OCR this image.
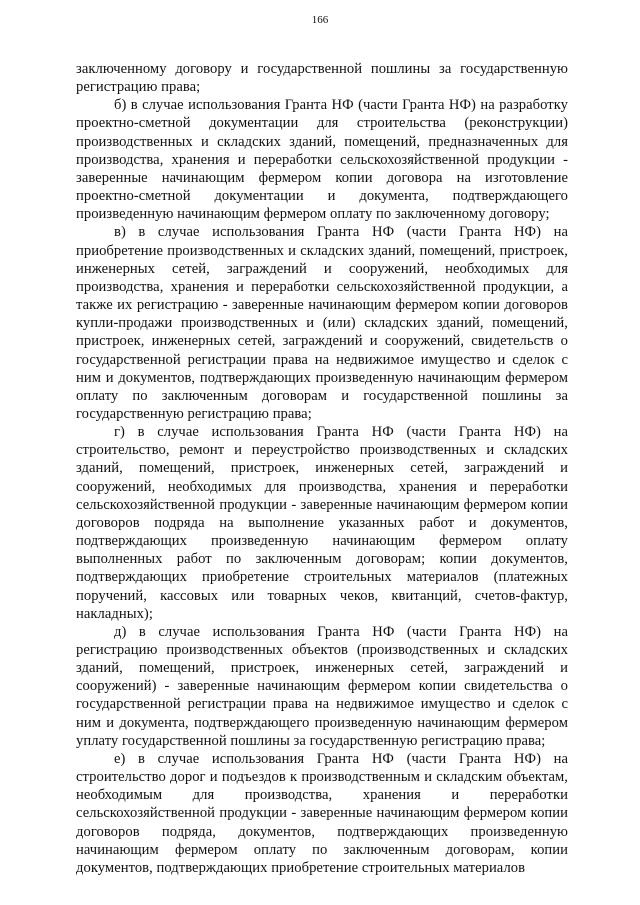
166

заключенному договору и государственной пошлины за государственную регистрацию права;

б) в случае использования Гранта НФ (части Гранта НФ) на разработку проектно-сметной документации для строительства (реконструкции) производственных и складских зданий, помещений, предназначенных для производства, хранения и переработки сельскохозяйственной продукции - заверенные начинающим фермером копии договора на изготовление проектно-сметной документации и документа, подтверждающего произведенную начинающим фермером оплату по заключенному договору;

в) в случае использования Гранта НФ (части Гранта НФ) на приобретение производственных и складских зданий, помещений, пристроек, инженерных сетей, заграждений и сооружений, необходимых для производства, хранения и переработки сельскохозяйственной продукции, а также их регистрацию - заверенные начинающим фермером копии договоров купли-продажи производственных и (или) складских зданий, помещений, пристроек, инженерных сетей, заграждений и сооружений, свидетельств о государственной регистрации права на недвижимое имущество и сделок с ним и документов, подтверждающих произведенную начинающим фермером оплату по заключенным договорам и государственной пошлины за государственную регистрацию права;

г) в случае использования Гранта НФ (части Гранта НФ) на строительство, ремонт и переустройство производственных и складских зданий, помещений, пристроек, инженерных сетей, заграждений и сооружений, необходимых для производства, хранения и переработки сельскохозяйственной продукции - заверенные начинающим фермером копии договоров подряда на выполнение указанных работ и документов, подтверждающих произведенную начинающим фермером оплату выполненных работ по заключенным договорам; копии документов, подтверждающих приобретение строительных материалов (платежных поручений, кассовых или товарных чеков, квитанций, счетов-фактур, накладных);

д) в случае использования Гранта НФ (части Гранта НФ) на регистрацию производственных объектов (производственных и складских зданий, помещений, пристроек, инженерных сетей, заграждений и сооружений) - заверенные начинающим фермером копии свидетельства о государственной регистрации права на недвижимое имущество и сделок с ним и документа, подтверждающего произведенную начинающим фермером уплату государственной пошлины за государственную регистрацию права;

е) в случае использования Гранта НФ (части Гранта НФ) на строительство дорог и подъездов к производственным и складским объектам, необходимым для производства, хранения и переработки сельскохозяйственной продукции - заверенные начинающим фермером копии договоров подряда, документов, подтверждающих произведенную начинающим фермером оплату по заключенным договорам, копии документов, подтверждающих приобретение строительных материалов
